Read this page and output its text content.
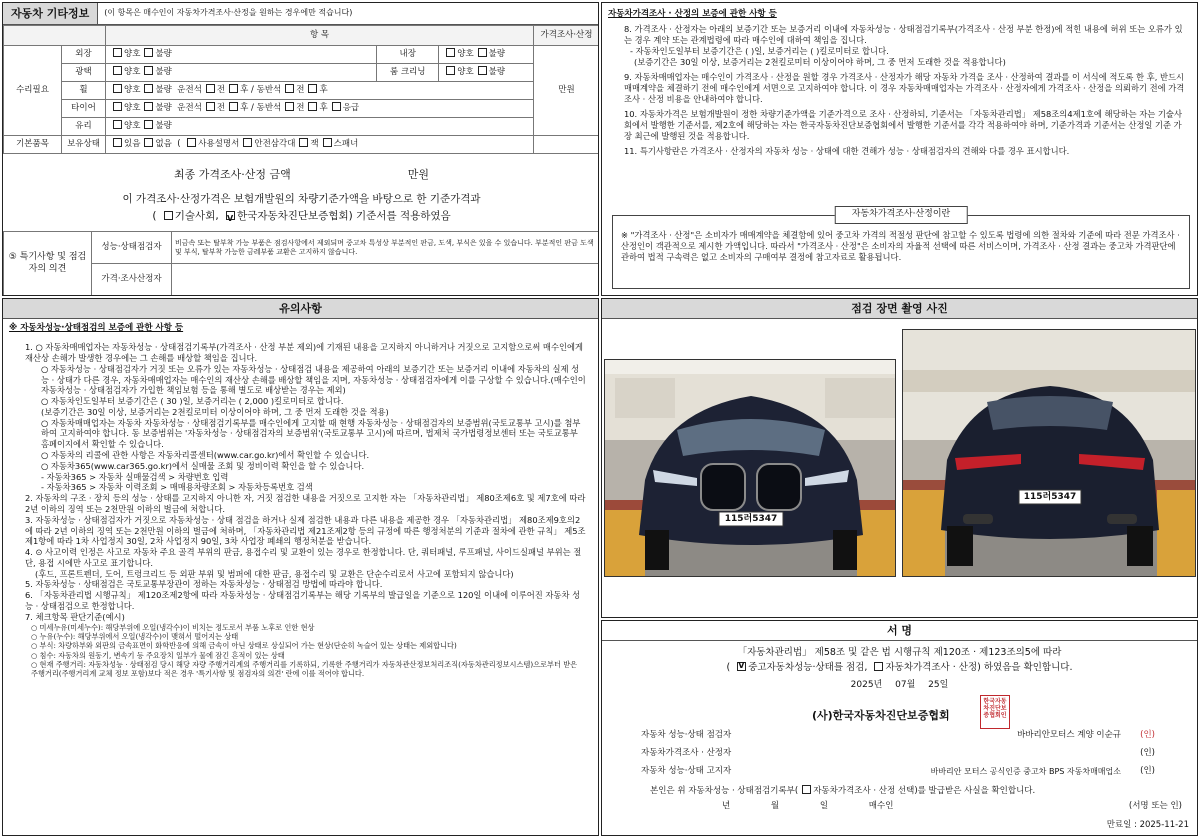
자동차 기타정보	(이 항목은 매수인이 자동차가격조사·산정을 원하는 경우에만 적습니다)
		항 목			가격조사·산정
수리필요	외장	양호 불량	내장	양호 불량	만원
	광택	양호 불량	룸 크리닝	양호 불량	
	휠	양호 불량 운전석 전 후 / 동반석 전 후			
	타이어	양호 불량 운전석 전 후 / 동반석 전 후 응급			
	유리	양호 불량			
기본품목	보유상태	있음 없음  ( 사용설명서 안전삼각대 잭 스패너			
최종 가격조사·산정 금액	만원
이 가격조사·산정가격은 보험개발원의 차량기준가액을 바탕으로 한 기준가격과
( 기술사회, V한국자동차진단보증협회) 기준서를 적용하였음
⑤ 특기사항 및 점검자의 의견	성능·상태점검자	비금속 또는 탈부착 가능 부품은 점검사항에서 제외되며 중고차 특성상 부분적인 판금, 도색, 부식은 있을 수 있습니다. 부분적인 판금 도색 및 부식, 탈부착 가능한 금레부품 교환은 고지하지 않습니다.
	가격·조사산정자	
자동차가격조사 · 산정의 보증에 관한 사항 등
8. 가격조사 · 산정자는 아래의 보증기간 또는 보증거리 이내에 자동차성능 · 상태점검기록부(가격조사 · 산정 부분 한정)에 적힌 내용에 허위 또는 오류가 있는 경우 계약 또는 관계법령에 따라 매수인에 대하여 책임을 집니다.
- 자동차인도일부터 보증기간은 ( )일, 보증거리는 ( )킬로미터로 합니다.
(보증기간은 30일 이상, 보증거리는 2천킬로미터 이상이어야 하며, 그 중 먼저 도래한 것을 적용합니다)
9. 자동차매매업자는 매수인이 가격조사 · 산정을 원할 경우 가격조사 · 산정자가 해당 자동차 가격을 조사 · 산정하여 결과를 이 서식에 적도록 한 후, 반드시 매매계약을 체결하기 전에 매수인에게 서면으로 고지하여야 합니다. 이 경우 자동차매매업자는 가격조사 · 산정자에게 가격조사 · 산정을 의뢰하기 전에 가격조사 · 산정 비용을 안내하여야 합니다.
10. 자동차가격은 보험개발원이 정한 차량기준가액을 기준가격으로 조사 · 산정하되, 기준서는 「자동차관리법」 제58조의4제1호에 해당하는 자는 기술사회에서 발행한 기준서를, 제2호에 해당하는 자는 한국자동차진단보증협회에서 발행한 기준서를 각각 적용하여야 하며, 기준가격과 기준서는 산정일 기준 가장 최근에 발행된 것을 적용합니다.
11. 특기사항란은 가격조사 · 산정자의 자동차 성능 · 상태에 대한 견해가 성능 · 상태점검자의 견해와 다를 경우 표시합니다.
자동차가격조사·산정이란
※ "가격조사 · 산정"은 소비자가 매매계약을 체결함에 있어 중고차 가격의 적절성 판단에 참고할 수 있도록 법령에 의한 절차와 기준에 따라 전문 가격조사 · 산정인이 객관적으로 제시한 가액입니다. 따라서 "가격조사 · 산정"은 소비자의 자율적 선택에 따른 서비스이며, 가격조사 · 산정 결과는 중고차 가격판단에 관하여 법적 구속력은 없고 소비자의 구매여부 결정에 참고자료로 활용됩니다.
유의사항
※ 자동차성능·상태점검의 보증에 관한 사항 등
1. ○ 자동차매매업자는 자동차성능 · 상태점검기록부(가격조사 · 산정 부분 제외)에 기재된 내용을 고지하지 아니하거나 거짓으로 고지함으로써 매수인에게 재산상 손해가 발생한 경우에는 그 손해를 배상할 책임을 집니다.
○ 자동차성능 · 상태점검자가 거짓 또는 오류가 있는 자동차성능 · 상태점검 내용을 제공하여 아래의 보증기간 또는 보증거리 이내에 자동차의 실제 성능 · 상태가 다른 경우, 자동차매매업자는 매수인의 재산상 손해를 배상할 책임을 지며, 자동차성능 · 상태점검자에게 이를 구상할 수 있습니다.(매수인이 자동차성능 · 상태점검자가 가입한 책임보험 등을 통해 별도로 배상받는 경우는 제외)
○ 자동차인도일부터 보증기간은 ( 30 )일, 보증거리는 ( 2,000 )킬로미터로 합니다.
(보증기간은 30일 이상, 보증거리는 2천킬로미터 이상이어야 하며, 그 중 먼저 도래한 것을 적용)
○ 자동차매매업자는 자동차 자동차성능 · 상태점검기록부를 매수인에게 고지할 때 현행 자동차성능 · 상태점검자의 보증범위(국토교통부 고시)를 첨부하여 고지하여야 합니다. 동 보증범위는 '자동차성능 · 상태점검자의 보증범위'(국토교통부 고시)에 따르며, 법제처 국가법령정보센터 또는 국토교통부 홈페이지에서 확인할 수 있습니다.
○ 자동차의 리콜에 관한 사항은 자동차리콜센터(www.car.go.kr)에서 확인할 수 있습니다.
○ 자동차365(www.car365.go.kr)에서 실매물 조회 및 정비이력 확인을 할 수 있습니다.
- 자동차365 > 자동차 실매물검색 > 차량번호 입력
- 자동차365 > 자동차 이력조회 > 매매용차량조회 > 자동차등록번호 검색
2. 자동차의 구조 · 장치 등의 성능 · 상태를 고지하지 아니한 자, 거짓 점검한 내용을 거짓으로 고지한 자는 「자동차관리법」 제80조제6호 및 제7호에 따라 2년 이하의 징역 또는 2천만원 이하의 벌금에 처합니다.
3. 자동차성능 · 상태점검자가 거짓으로 자동차성능 · 상태 점검을 하거나 실제 점검한 내용과 다른 내용을 제공한 경우 「자동차관리법」 제80조제9호의2에 따라 2년 이하의 징역 또는 2천만원 이하의 벌금에 처하며, 「자동차관리법 제21조제2항 등의 규정에 따른 행정처분의 기준과 절차에 관한 규칙」 제5조제1항에 따라 1차 사업정지 30일, 2차 사업정지 90일, 3차 사업장 폐쇄의 행정처분을 받습니다.
4. ⊙ 사고이력 인정은 사고로 자동차 주요 골격 부위의 판금, 용접수리 및 교환이 있는 경우로 한정합니다. 단, 쿼터패널, 루프패널, 사이드실패널 부위는 절단, 용접 시에만 사고로 표기합니다.
(후드, 프론트펜더, 도어, 트렁크리드 등 외판 부위 및 범퍼에 대한 판금, 용접수리 및 교환은 단순수리로서 사고에 포함되지 않습니다)
5. 자동차성능 · 상태점검은 국토교통부장관이 정하는 자동차성능 · 상태점검 방법에 따라야 합니다.
6. 「자동차관리법 시행규칙」 제120조제2항에 따라 자동차성능 · 상태점검기록부는 해당 기록부의 발급일을 기준으로 120일 이내에 이루어진 자동차 성능 · 상태점검으로 한정합니다.
7. 체크항목 판단기준(예시)
○ 미세누유(미세누수): 해당부위에 오일(냉각수)이 비치는 정도로서 부품 노후로 인한 현상
○ 누유(누수): 해당부위에서 오일(냉각수)이 맺혀서 떨어지는 상태
○ 부식: 차량하부와 외판의 금속표면이 화학반응에 의해 금속이 아닌 상태로 상실되어 가는 현상(단순히 녹슬어 있는 상태는 제외합니다)
○ 침수: 자동차의 원동기, 변속기 등 주요장치 일부가 물에 잠긴 흔적이 있는 상태
○ 현재 주행거리: 자동차성능 · 상태점검 당시 해당 자량 주행거리계의 주행거리를 기록하되, 기록한 주행거리가 자동차관산정보처리조직(자동차관리정보시스템)으로부터 받은 주행거리(주행거리계 교체 정보 포함)보다 적은 경우 '특기사항 및 점검자의 의견' 란에 이를 적어야 합니다.
점검 장면 촬영 사진
115러5347
115러5347
서 명
「자동차관리법」 제58조 및 같은 법 시행규칙 제120조 · 제123조의5에 따라
( V중고자동차성능·상태를 점검, 자동차가격조사 · 산정) 하였음을 확인합니다.
2025년 07월 25일
(사)한국자동차진단보증협회
한국자동차진단보증협회인
자동차 성능·상태 점검자	바바리안모터스 계양 이순규	(인)
자동차가격조사 · 산정자		(인)
자동차 성능·상태 고지자	바바리안 모터스 공식인증 중고차 BPS 자동차매매업소	(인)
본인은 위 자동차성능 · 상태점검기록부( 자동차가격조사 · 산정 선택)를 발급받은 사실을 확인합니다.
년	월	일	매수인	(서명 또는 인)
만료일 : 2025-11-21
